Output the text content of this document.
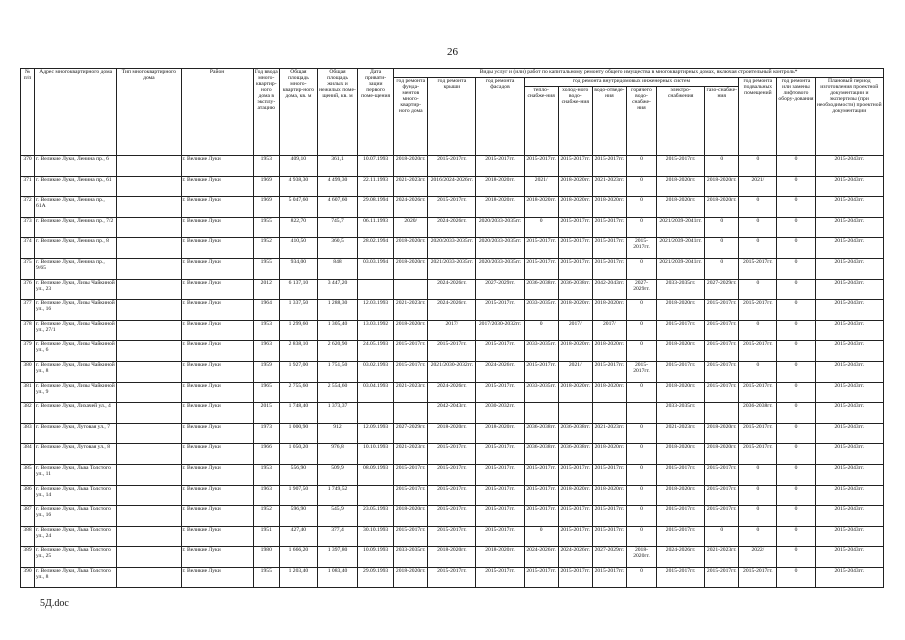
26
№ п/п	Адрес многоквартирного дома	Тип многоквартирного дома	Район	Год ввода много-квартир-ного дома в эксплу-атацию	Общая площадь много-квартир-ного дома, кв. м	Общая площадь жилых и нежилых поме-щений, кв. м	Дата привати-зации первого поме-щения	Виды услуг и (или) работ по капитальному ремонту общего имущества в многоквартирных домах, включая строительный контроль*											
								год ремонта фунда-ментов много-квартир-ного дома	год ремонта крыши	год ремонта фасадов	год ремонта внутридомовых инженерных систем						год ремонта подвальных помещений	год ремонта или замены лифтового обору-дования	Плановый период изготовления проектной документации и экспертизы (при необходимости) проектной документации
											тепло-снабже-ния	холод-ного водо-снабже-ния	водо-отведе-ния	горячего водо-снабже-ния	электро-снабжения	газо-снабже-ния			
370	г. Великие Луки, Ленина пр., 6		г. Великие Луки	1953	409,10	361,1	10.07.1993	2018-2020гг.	2015-2017гг.	2015-2017гг.	2015-2017гг.	2015-2017гг.	2015-2017гг.	0	2015-2017гг.	0	0	0	2015-2043гг.
371	г. Великие Луки, Ленина пр., 61		г. Великие Луки	1969	4 938,30	4 499,30	22.11.1993	2021-2023гг.	2016/2024-2026гг.	2018-2020гг.	2021/	2018-2020гг.	2021-2023гг.	0	2018-2020гг.	2018-2020гг.	2021/	0	2015-2043гг.
372	г. Великие Луки, Ленина пр., 61А		г. Великие Луки	1969	5 047,60	4 607,60	29.08.1994	2024-2026гг.	2015-2017гг.	2018-2020гг.	2018-2020гг.	2018-2020гг.	2018-2020гг.	0	2018-2020гг.	2018-2020гг.	0	0	2015-2043гг.
373	г. Великие Луки, Ленина пр., 7/2		г. Великие Луки	1955	822,70	745,7	06.11.1993	2020/	2024-2026гг.	2020/2033-2035гг.	0	2015-2017гг.	2015-2017гг.	0	2021/2039-2041гг.	0	0	0	2015-2043гг.
374	г. Великие Луки, Ленина пр., 8		г. Великие Луки	1952	410,50	360,5	28.02.1994	2018-2020гг.	2020/2033-2035гг.	2020/2033-2035гг.	2015-2017гг.	2015-2017гг.	2015-2017гг.	2015-2017гг.	2021/2039-2041гг.	0	0	0	2015-2043гг.
375	г. Великие Луки, Ленина пр., 9/65		г. Великие Луки	1955	934,00	848	03.03.1994	2018-2020гг.	2021/2033-2035гг.	2020/2033-2035гг.	2015-2017гг.	2015-2017гг.	2015-2017гг.	0	2021/2039-2041гг.	0	2015-2017гг.	0	2015-2043гг.
376	г. Великие Луки, Лизы Чайкиной ул., 23		г. Великие Луки	2012	6 137,10	3 447,20			2024-2026гг.	2027-2029гг.	2036-2038гг.	2036-2038гг.	2042-2043гг.	2027-2029гг.	2033-2035гг.	2027-2029гг.	0	0	2015-2043гг.
377	г. Великие Луки, Лизы Чайкиной ул., 16		г. Великие Луки	1964	1 337,50	1 288,30	12.03.1993	2021-2023гг.	2024-2026гг.	2015-2017гг.	2033-2035гг.	2018-2020гг.	2018-2020гг.	0	2018-2020гг.	2015-2017гг.	2015-2017гг.	0	2015-2043гг.
378	г. Великие Луки, Лизы Чайкиной ул., 27/1		г. Великие Луки	1953	1 299,60	1 305,40	13.03.1992	2018-2020гг.	2017/	2017/2030-2032гг.	0	2017/	2017/	0	2015-2017гг.	2015-2017гг.	0	0	2015-2043гг.
379	г. Великие Луки, Лизы Чайкиной ул., 6		г. Великие Луки	1963	2 838,10	2 620,90	24.05.1993	2015-2017гг.	2015-2017гг.	2015-2017гг.	2033-2035гг.	2018-2020гг.	2018-2020гг.	0	2018-2020гг.	2015-2017гг.	2015-2017гг.	0	2015-2043гг.
380	г. Великие Луки, Лизы Чайкиной ул., 8		г. Великие Луки	1959	1 927,00	1 751,50	03.02.1993	2015-2017гг.	2021/2030-2032гг.	2024-2026гг.	2015-2017гг.	2021/	2015-2017гг.	2015-2017гг.	2015-2017гг.	2015-2017гг.	0	0	2015-2043гг.
381	г. Великие Луки, Лизы Чайкиной ул., 9		г. Великие Луки	1965	2 755,60	2 554,60	03.04.1993	2021-2023гг.	2024-2026гг.	2015-2017гг.	2033-2035гг.	2018-2020гг.	2018-2020гг.	0	2018-2020гг.	2015-2017гг.	2015-2017гг.	0	2015-2043гг.
382	г. Великие Луки, Лихачей ул., 4		г. Великие Луки	2015	1 748,40	1 373,37			2042-2043гг.	2030-2032гг.					2033-2035гг.		2036-2038гг.	0	2015-2043гг.
383	г. Великие Луки, Лутовая ул., 7		г. Великие Луки	1973	1 000,90	912	12.09.1993	2027-2029гг.	2018-2020гг.	2018-2020гг.	2036-2038гг.	2036-2038гг.	2021-2023гг.	0	2021-2023гг.	2018-2020гг.	2015-2017гг.	0	2015-2043гг.
384	г. Великие Луки, Лутовая ул., 8		г. Великие Луки	1966	1 050,20	976,8	10.10.1993	2021-2023гг.	2015-2017гг.	2015-2017гг.	2036-2038гг.	2036-2038гг.	2018-2020гг.	0	2018-2020гг.	2018-2020гг.	2015-2017гг.	0	2015-2043гг.
385	г. Великие Луки, Льва Толстого ул., 11		г. Великие Луки	1953	556,90	509,9	08.09.1993	2015-2017гг.	2015-2017гг.	2015-2017гг.	2015-2017гг.	2015-2017гг.	2015-2017гг.	0	2015-2017гг.	2015-2017гг.	0	0	2015-2043гг.
386	г. Великие Луки, Льва Толстого ул., 14		г. Великие Луки	1963	1 907,50	1 749,52		2015-2017гг.	2015-2017гг.	2015-2017гг.	2015-2017гг.	2018-2020гг.	2018-2020гг.	0	2018-2020гг.	2015-2017гг.	0	0	2015-2043гг.
387	г. Великие Луки, Льва Толстого ул., 16		г. Великие Луки	1952	596,90	545,9	23.05.1993	2018-2020гг.	2015-2017гг.	2015-2017гг.	2015-2017гг.	2015-2017гг.	2015-2017гг.	0	2015-2017гг.	2015-2017гг.	0	0	2015-2043гг.
388	г. Великие Луки, Льва Толстого ул., 24		г. Великие Луки	1951	427,40	377,4	30.10.1993	2015-2017гг.	2015-2017гг.	2015-2017гг.	0	2015-2017гг.	2015-2017гг.	0	2015-2017гг.	0	0	0	2015-2043гг.
389	г. Великие Луки, Льва Толстого ул., 25		г. Великие Луки	1980	1 666,20	1 397,80	10.09.1993	2033-2035гг.	2018-2020гг.	2018-2020гг.	2024-2026гг.	2024-2026гг.	2027-2029гг.	2018-2020гг.	2024-2026гг.	2021-2023гг.	2022/	0	2015-2043гг.
390	г. Великие Луки, Льва Толстого ул., 8		г. Великие Луки	1955	1 203,40	1 083,40	29.09.1993	2018-2020гг.	2015-2017гг.	2015-2017гг.	2015-2017гг.	2015-2017гг.	2015-2017гг.	0	2015-2017гг.	2015-2017гг.	2015-2017гг.	0	2015-2043гг.
5Д.doc
